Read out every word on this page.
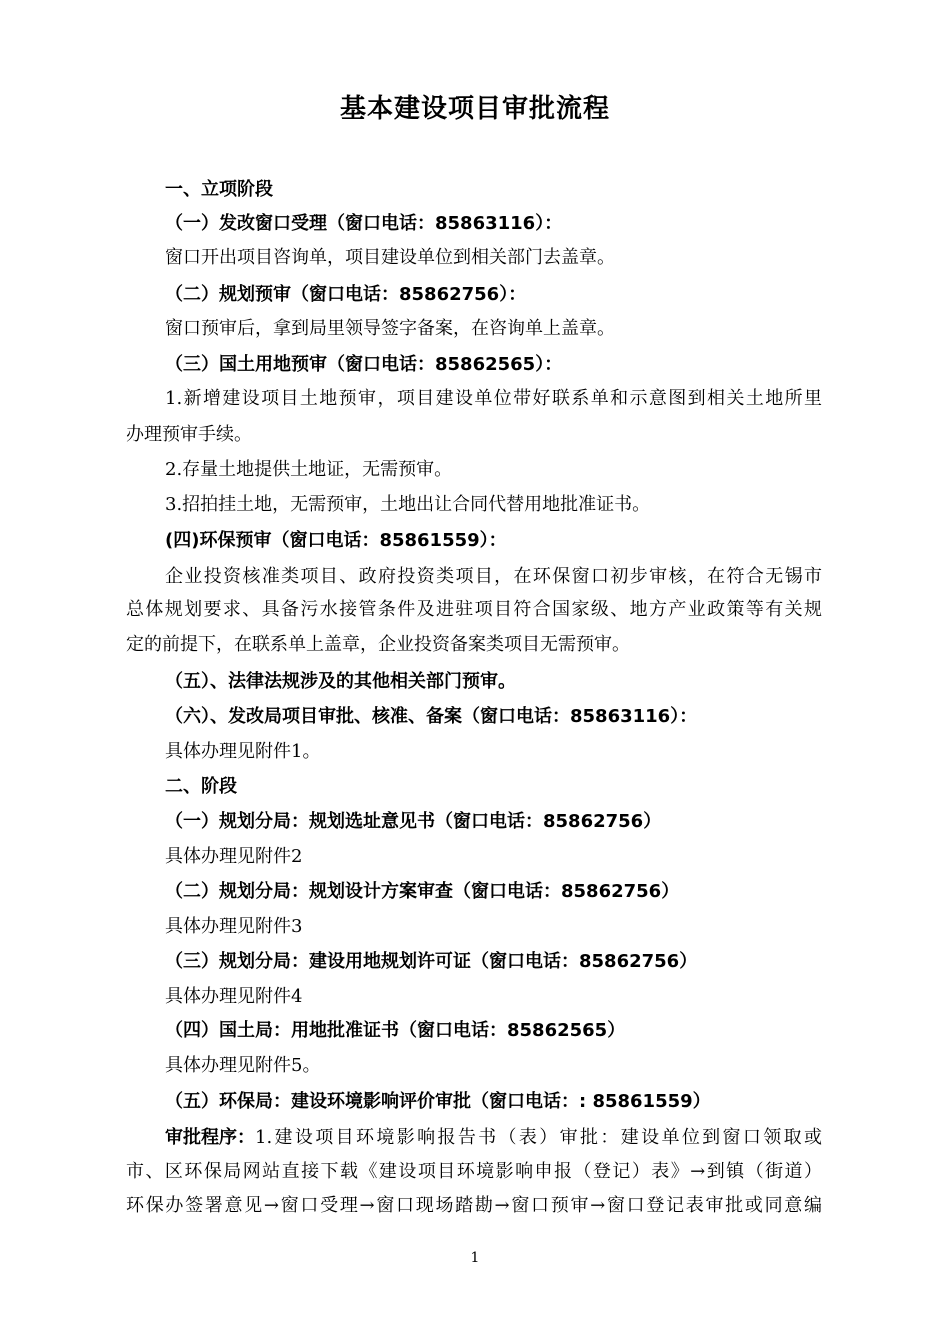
基本建设项目审批流程
一、立项阶段
（一）发改窗口受理（窗口电话：85863116）：
窗口开出项目咨询单，项目建设单位到相关部门去盖章。
（二）规划预审（窗口电话：85862756）：
窗口预审后，拿到局里领导签字备案，在咨询单上盖章。
（三）国土用地预审（窗口电话：85862565）：
1.新增建设项目土地预审，项目建设单位带好联系单和示意图到相关土地所里
办理预审手续。
2.存量土地提供土地证，无需预审。
3.招拍挂土地，无需预审，土地出让合同代替用地批准证书。
(四)环保预审（窗口电话：85861559）：
企业投资核准类项目、政府投资类项目，在环保窗口初步审核，在符合无锡市
总体规划要求、具备污水接管条件及进驻项目符合国家级、地方产业政策等有关规
定的前提下，在联系单上盖章，企业投资备案类项目无需预审。
（五）、法律法规涉及的其他相关部门预审。
（六）、发改局项目审批、核准、备案（窗口电话：85863116）：
具体办理见附件1。
二、阶段
（一）规划分局：规划选址意见书（窗口电话：85862756）
具体办理见附件2
（二）规划分局：规划设计方案审查（窗口电话：85862756）
具体办理见附件3
（三）规划分局：建设用地规划许可证（窗口电话：85862756）
具体办理见附件4
（四）国土局：用地批准证书（窗口电话：85862565）
具体办理见附件5。
（五）环保局：建设环境影响评价审批（窗口电话：: 85861559）
审批程序： 1.建设项目环境影响报告书（表）审批：建设单位到窗口领取或
市、区环保局网站直接下载《建设项目环境影响申报（登记）表》→到镇（街道）
环保办签署意见→窗口受理→窗口现场踏勘→窗口预审→窗口登记表审批或同意编
1
